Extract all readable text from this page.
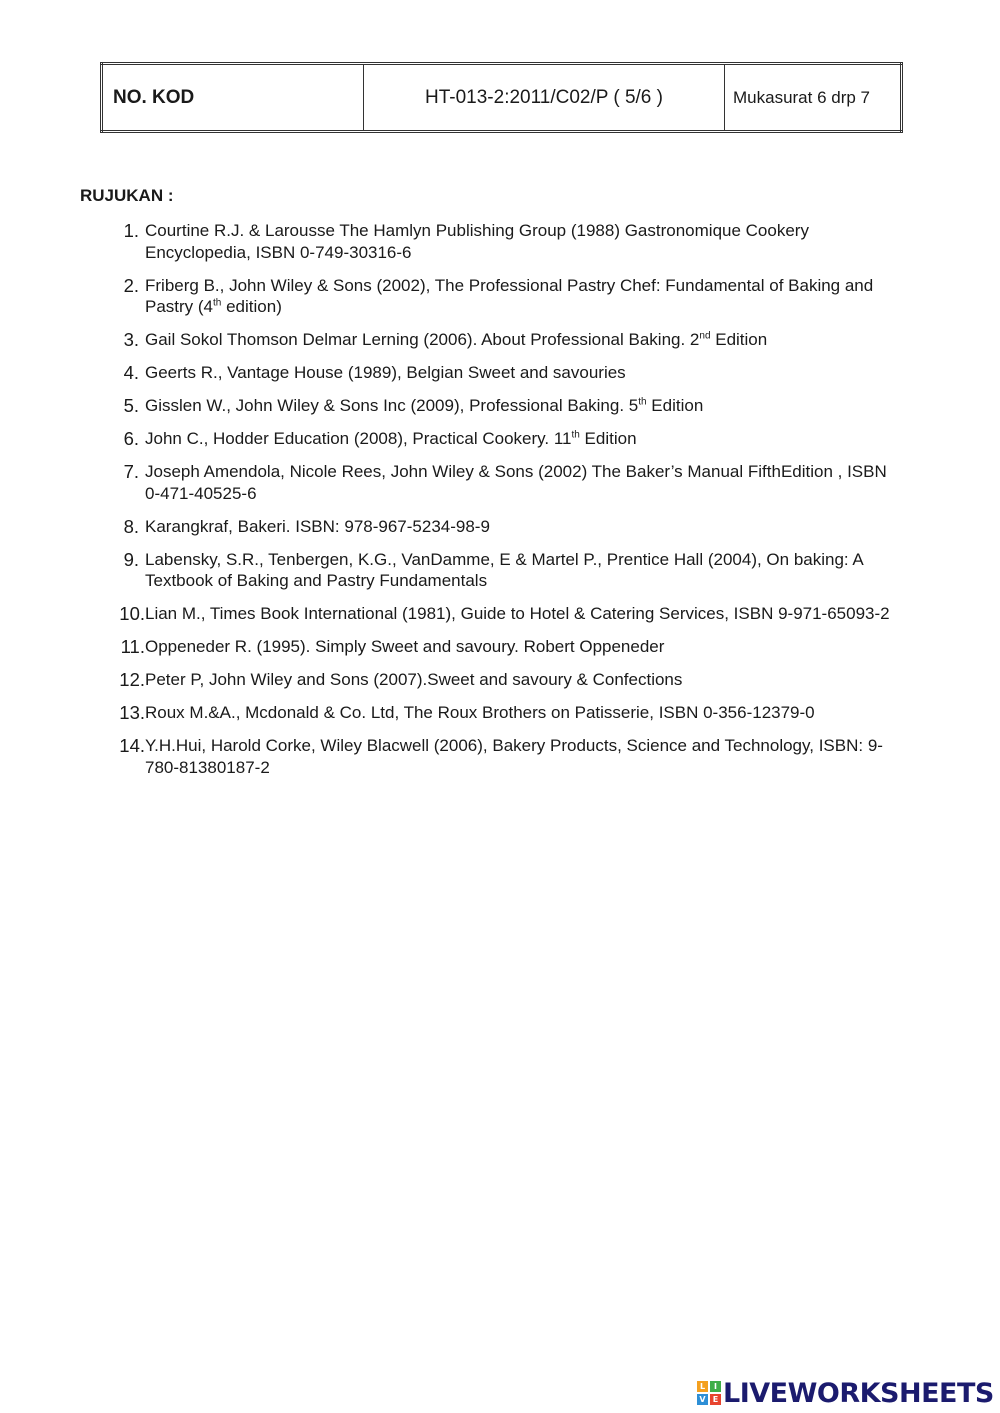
NO. KOD	HT-013-2:2011/C02/P ( 5/6 )	Mukasurat 6 drp 7
RUJUKAN :
1. Courtine R.J. & Larousse The Hamlyn Publishing Group (1988) Gastronomique Cookery Encyclopedia, ISBN 0-749-30316-6
2. Friberg B., John Wiley & Sons (2002), The Professional Pastry Chef: Fundamental of Baking and Pastry (4th edition)
3. Gail Sokol Thomson Delmar Lerning (2006). About Professional Baking. 2nd Edition
4. Geerts R., Vantage House (1989), Belgian Sweet and savouries
5. Gisslen W., John Wiley & Sons Inc (2009), Professional Baking. 5th Edition
6. John C., Hodder Education (2008), Practical Cookery. 11th Edition
7. Joseph Amendola, Nicole Rees, John Wiley & Sons (2002) The Baker’s Manual FifthEdition , ISBN 0-471-40525-6
8. Karangkraf, Bakeri. ISBN: 978-967-5234-98-9
9. Labensky, S.R., Tenbergen, K.G., VanDamme, E & Martel P., Prentice Hall (2004), On baking: A Textbook of Baking and Pastry Fundamentals
10. Lian M., Times Book International (1981), Guide to Hotel & Catering Services, ISBN 9-971-65093-2
11. Oppeneder R. (1995). Simply Sweet and savoury. Robert Oppeneder
12. Peter P, John Wiley and Sons (2007).Sweet and savoury & Confections
13. Roux M.&A., Mcdonald & Co. Ltd, The Roux Brothers on Patisserie, ISBN 0-356-12379-0
14. Y.H.Hui, Harold Corke, Wiley Blacwell (2006), Bakery Products, Science and Technology, ISBN: 9-780-81380187-2
L	I
V E LIVEWORKSHEETS
